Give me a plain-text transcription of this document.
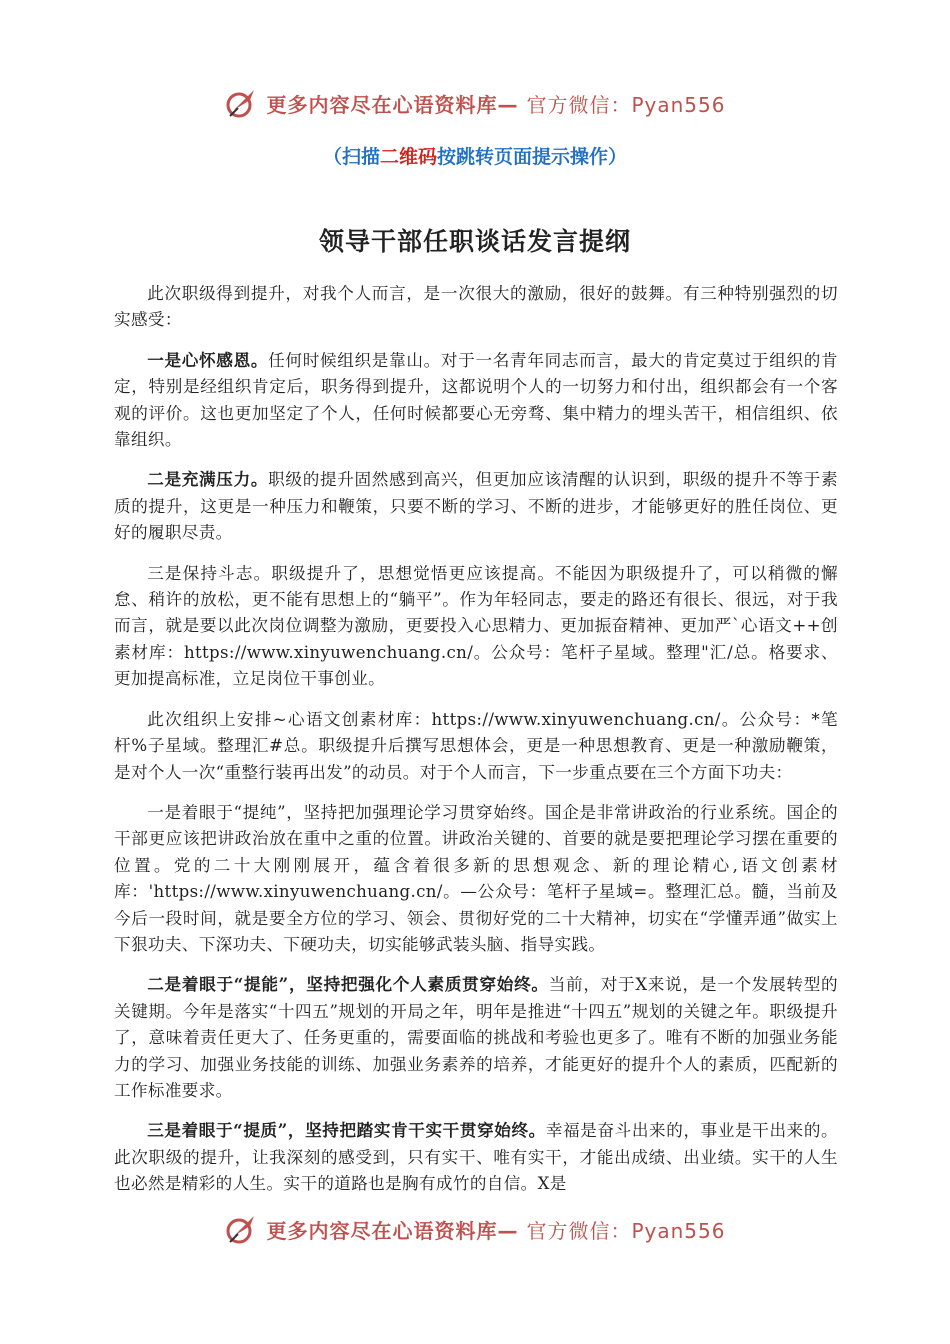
更多内容尽在心语资料库— 官方微信：Pyan556
（扫描二维码按跳转页面提示操作）
领导干部任职谈话发言提纲

此次职级得到提升，对我个人而言，是一次很大的激励，很好的鼓舞。有三种特别强烈的切实感受：

一是心怀感恩。任何时候组织是靠山。对于一名青年同志而言，最大的肯定莫过于组织的肯定，特别是经组织肯定后，职务得到提升，这都说明个人的一切努力和付出，组织都会有一个客观的评价。这也更加坚定了个人，任何时候都要心无旁骛、集中精力的埋头苦干，相信组织、依靠组织。

二是充满压力。职级的提升固然感到高兴，但更加应该清醒的认识到，职级的提升不等于素质的提升，这更是一种压力和鞭策，只要不断的学习、不断的进步，才能够更好的胜任岗位、更好的履职尽责。

三是保持斗志。职级提升了，思想觉悟更应该提高。不能因为职级提升了，可以稍微的懈怠、稍许的放松，更不能有思想上的“躺平”。作为年轻同志，要走的路还有很长、很远，对于我而言，就是要以此次岗位调整为激励，更要投入心思精力、更加振奋精神、更加严`心语文++创素材库：https://www.xinyuwenchuang.cn/。公众号：笔杆子星域。整理"汇/总。格要求、更加提高标准，立足岗位干事创业。

此次组织上安排~心语文创素材库：https://www.xinyuwenchuang.cn/。公众号：*笔杆%子星域。整理汇#总。职级提升后撰写思想体会，更是一种思想教育、更是一种激励鞭策，是对个人一次“重整行装再出发”的动员。对于个人而言，下一步重点要在三个方面下功夫：

一是着眼于“提纯”，坚持把加强理论学习贯穿始终。国企是非常讲政治的行业系统。国企的干部更应该把讲政治放在重中之重的位置。讲政治关键的、首要的就是要把理论学习摆在重要的位置。党的二十大刚刚展开，蕴含着很多新的思想观念、新的理论精心,语文创素材库：'https://www.xinyuwenchuang.cn/。—公众号：笔杆子星域=。整理汇总。髓，当前及今后一段时间，就是要全方位的学习、领会、贯彻好党的二十大精神，切实在“学懂弄通”做实上下狠功夫、下深功夫、下硬功夫，切实能够武装头脑、指导实践。

二是着眼于“提能”，坚持把强化个人素质贯穿始终。当前，对于X来说，是一个发展转型的关键期。今年是落实“十四五”规划的开局之年，明年是推进“十四五”规划的关键之年。职级提升了，意味着责任更大了、任务更重的，需要面临的挑战和考验也更多了。唯有不断的加强业务能力的学习、加强业务技能的训练、加强业务素养的培养，才能更好的提升个人的素质，匹配新的工作标准要求。

三是着眼于“提质”，坚持把踏实肯干实干贯穿始终。幸福是奋斗出来的，事业是干出来的。此次职级的提升，让我深刻的感受到，只有实干、唯有实干，才能出成绩、出业绩。实干的人生也必然是精彩的人生。实干的道路也是胸有成竹的自信。X是

更多内容尽在心语资料库— 官方微信：Pyan556
